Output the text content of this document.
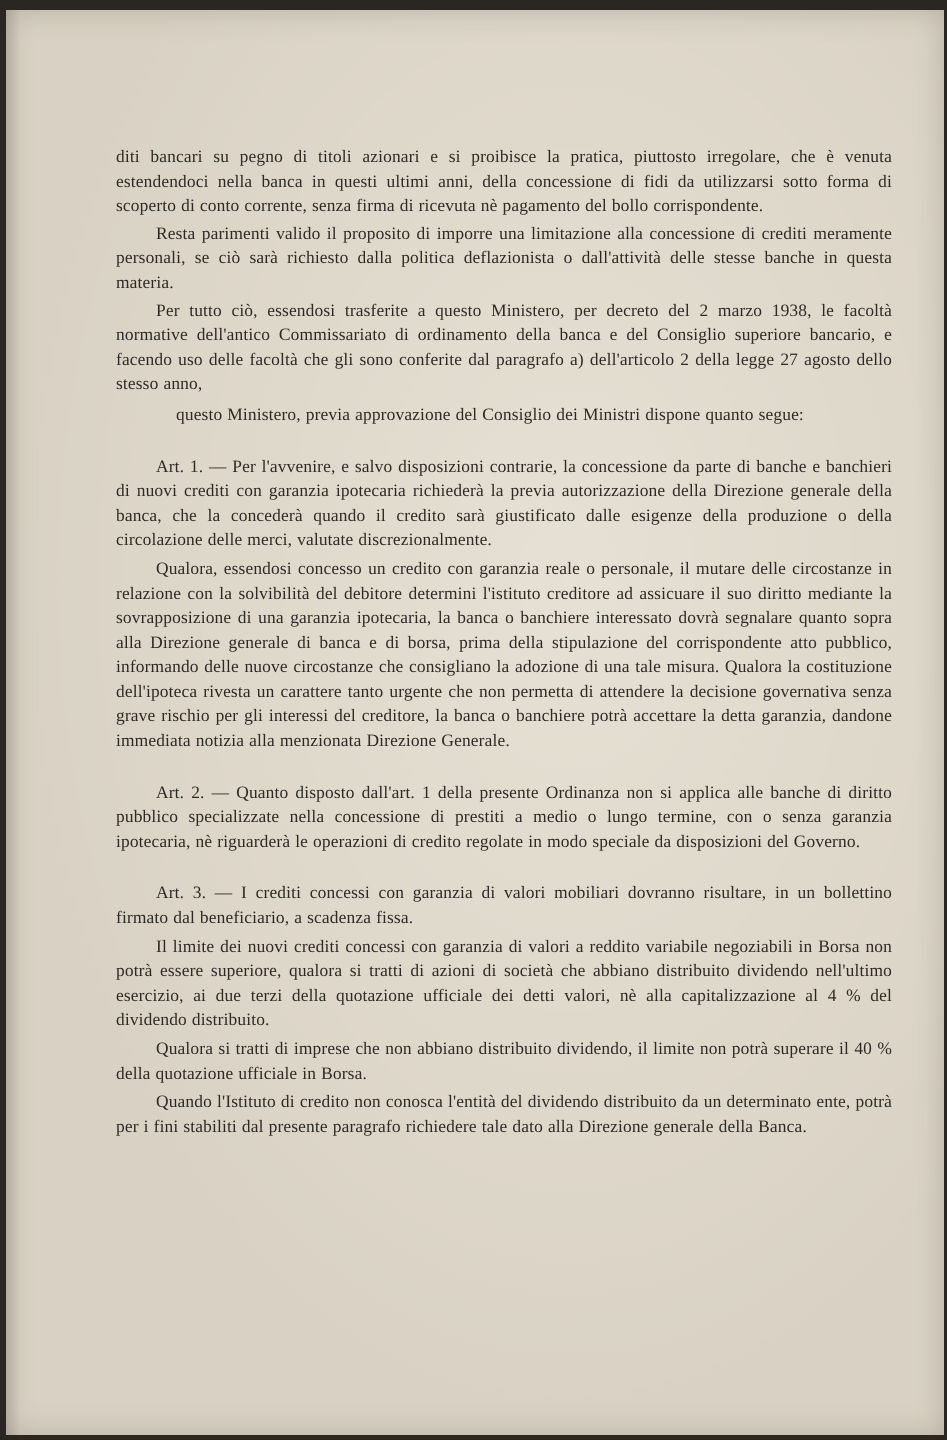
diti bancari su pegno di titoli azionari e si proibisce la pratica, piuttosto irregolare, che è venuta estendendoci nella banca in questi ultimi anni, della concessione di fidi da utilizzarsi sotto forma di scoperto di conto corrente, senza firma di ricevuta nè pagamento del bollo corrispondente.

Resta parimenti valido il proposito di imporre una limitazione alla concessione di crediti meramente personali, se ciò sarà richiesto dalla politica deflazionista o dall'attività delle stesse banche in questa materia.

Per tutto ciò, essendosi trasferite a questo Ministero, per decreto del 2 marzo 1938, le facoltà normative dell'antico Commissariato di ordinamento della banca e del Consiglio superiore bancario, e facendo uso delle facoltà che gli sono conferite dal paragrafo a) dell'articolo 2 della legge 27 agosto dello stesso anno,

questo Ministero, previa approvazione del Consiglio dei Ministri dispone quanto segue:

Art. 1. — Per l'avvenire, e salvo disposizioni contrarie, la concessione da parte di banche e banchieri di nuovi crediti con garanzia ipotecaria richiederà la previa autorizzazione della Direzione generale della banca, che la concederà quando il credito sarà giustificato dalle esigenze della produzione o della circolazione delle merci, valutate discrezionalmente.

Qualora, essendosi concesso un credito con garanzia reale o personale, il mutare delle circostanze in relazione con la solvibilità del debitore determini l'istituto creditore ad assicuare il suo diritto mediante la sovrapposizione di una garanzia ipotecaria, la banca o banchiere interessato dovrà segnalare quanto sopra alla Direzione generale di banca e di borsa, prima della stipulazione del corrispondente atto pubblico, informando delle nuove circostanze che consigliano la adozione di una tale misura. Qualora la costituzione dell'ipoteca rivesta un carattere tanto urgente che non permetta di attendere la decisione governativa senza grave rischio per gli interessi del creditore, la banca o banchiere potrà accettare la detta garanzia, dandone immediata notizia alla menzionata Direzione Generale.

Art. 2. — Quanto disposto dall'art. 1 della presente Ordinanza non si applica alle banche di diritto pubblico specializzate nella concessione di prestiti a medio o lungo termine, con o senza garanzia ipotecaria, nè riguarderà le operazioni di credito regolate in modo speciale da disposizioni del Governo.

Art. 3. — I crediti concessi con garanzia di valori mobiliari dovranno risultare, in un bollettino firmato dal beneficiario, a scadenza fissa.

Il limite dei nuovi crediti concessi con garanzia di valori a reddito variabile negoziabili in Borsa non potrà essere superiore, qualora si tratti di azioni di società che abbiano distribuito dividendo nell'ultimo esercizio, ai due terzi della quotazione ufficiale dei detti valori, nè alla capitalizzazione al 4 % del dividendo distribuito.

Qualora si tratti di imprese che non abbiano distribuito dividendo, il limite non potrà superare il 40 % della quotazione ufficiale in Borsa.

Quando l'Istituto di credito non conosca l'entità del dividendo distribuito da un determinato ente, potrà per i fini stabiliti dal presente paragrafo richiedere tale dato alla Direzione generale della Banca.
